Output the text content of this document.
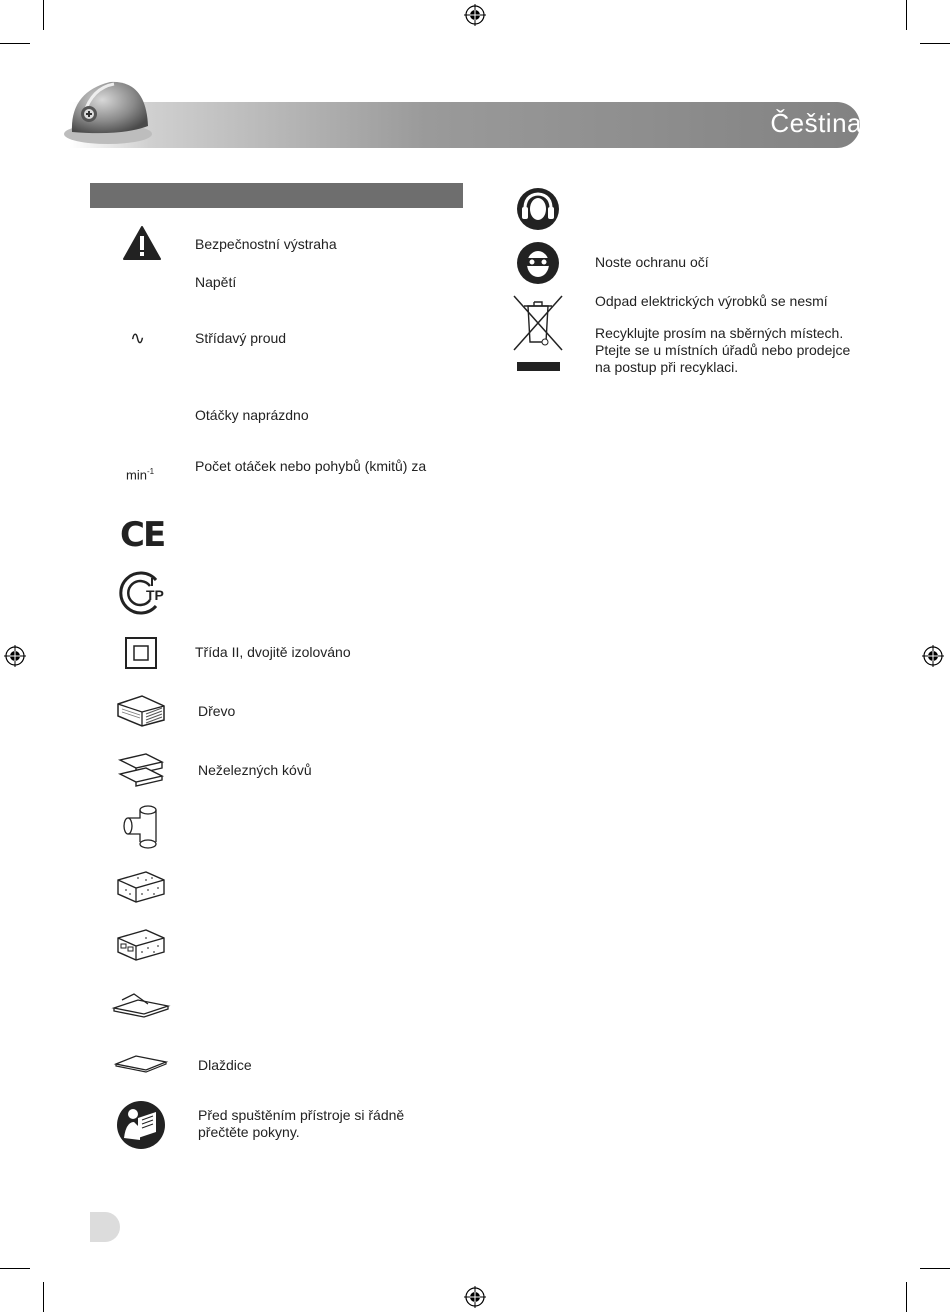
Čeština
∿
$\min^{-1}$
CE
TP
Bezpečnostní výstraha
Napětí
Střídavý proud
Otáčky naprázdno
Počet otáček nebo pohybů (kmitů) za
Třída II, dvojitě izolováno
Dřevo
Neželezných kóvů
Dlaždice
Před spuštěním přístroje si řádně přečtěte pokyny.
Noste ochranu očí
Odpad elektrických výrobků se nesmí
Recyklujte prosím na sběrných místech. Ptejte se u místních úřadů nebo prodejce na postup při recyklaci.
